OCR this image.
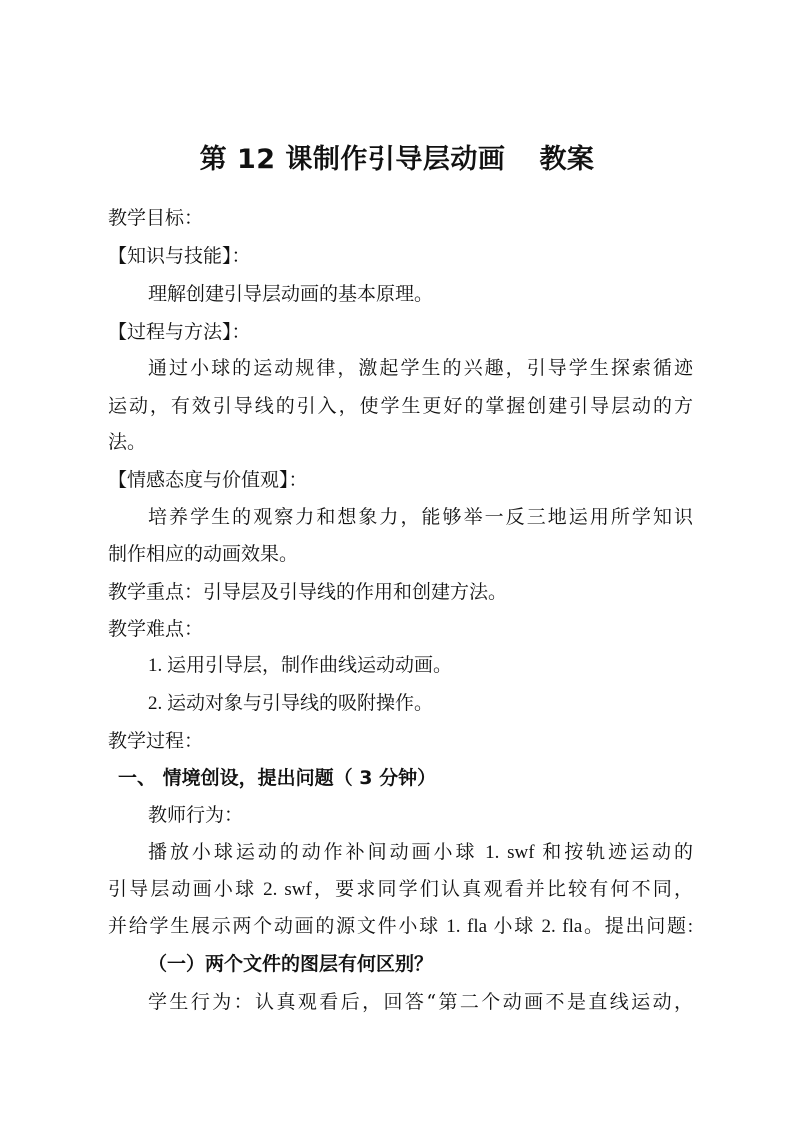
第 12 课制作引导层动画 教案
教学目标：
【知识与技能】：
理解创建引导层动画的基本原理。
【过程与方法】：
通过小球的运动规律，激起学生的兴趣，引导学生探索循迹
运动，有效引导线的引入，使学生更好的掌握创建引导层动的方
法。
【情感态度与价值观】：
培养学生的观察力和想象力，能够举一反三地运用所学知识
制作相应的动画效果。
教学重点：引导层及引导线的作用和创建方法。
教学难点：
1. 运用引导层，制作曲线运动动画。
2. 运动对象与引导线的吸附操作。
教学过程：
一、 情境创设，提出问题（ 3 分钟）
教师行为：
播放小球运动的动作补间动画小球 1. swf 和按轨迹运动的
引导层动画小球 2. swf，要求同学们认真观看并比较有何不同，
并给学生展示两个动画的源文件小球 1. fla 小球 2. fla。提出问题:
（一）两个文件的图层有何区别？
学生行为：认真观看后，回答“第二个动画不是直线运动，
